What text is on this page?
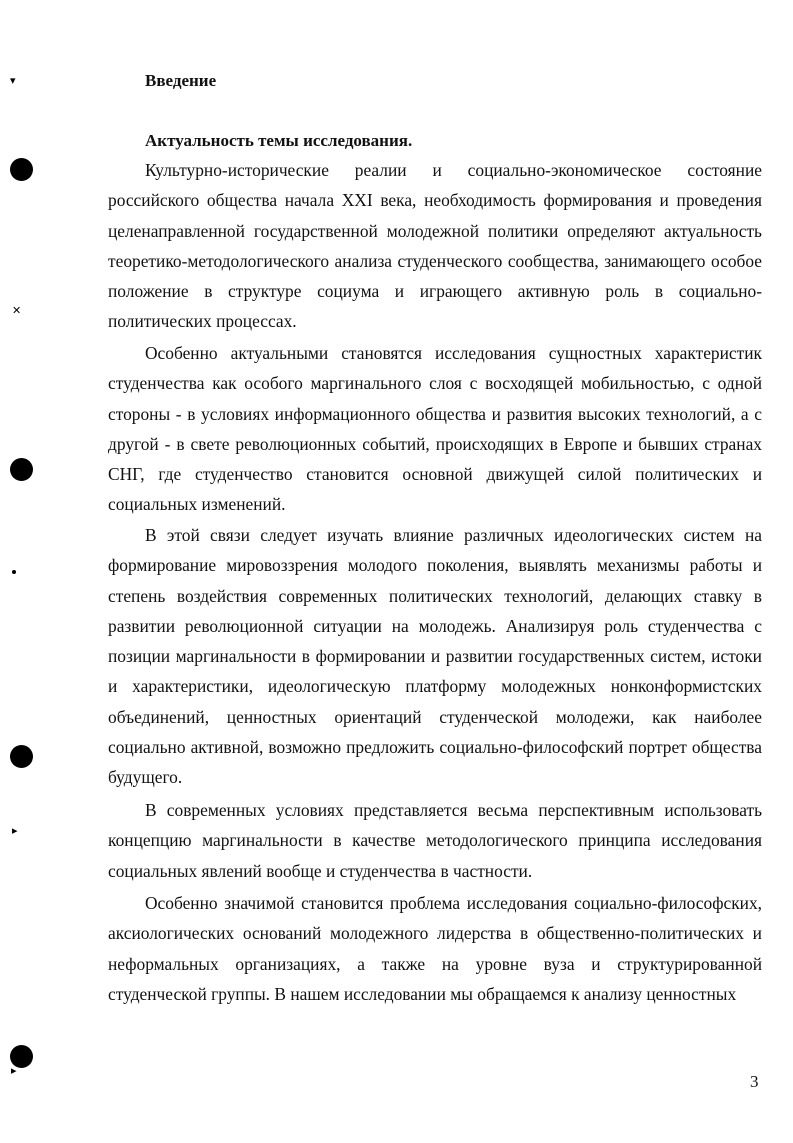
▾
✕
▸
▸
Введение
Актуальность темы исследования.

Культурно-исторические реалии и социально-экономическое состояние российского общества начала XXI века, необходимость формирования и проведения целенаправленной государственной молодежной политики определяют актуальность теоретико-методологического анализа студенческого сообщества, занимающего особое положение в структуре социума и играющего активную роль в социально-политических процессах.

Особенно актуальными становятся исследования сущностных характеристик студенчества как особого маргинального слоя с восходящей мобильностью, с одной стороны - в условиях информационного общества и развития высоких технологий, а с другой - в свете революционных событий, происходящих в Европе и бывших странах СНГ, где студенчество становится основной движущей силой политических и социальных изменений.

В этой связи следует изучать влияние различных идеологических систем на формирование мировоззрения молодого поколения, выявлять механизмы работы и степень воздействия современных политических технологий, делающих ставку в развитии революционной ситуации на молодежь. Анализируя роль студенчества с позиции маргинальности в формировании и развитии государственных систем, истоки и характеристики, идеологическую платформу молодежных нонконформистских объединений, ценностных ориентаций студенческой молодежи, как наиболее социально активной, возможно предложить социально-философский портрет общества будущего.

В современных условиях представляется весьма перспективным использовать концепцию маргинальности в качестве методологического принципа исследования социальных явлений вообще и студенчества в частности.

Особенно значимой становится проблема исследования социально-философских, аксиологических оснований молодежного лидерства в общественно-политических и неформальных организациях, а также на уровне вуза и структурированной студенческой группы. В нашем исследовании мы обращаемся к анализу ценностных

3
